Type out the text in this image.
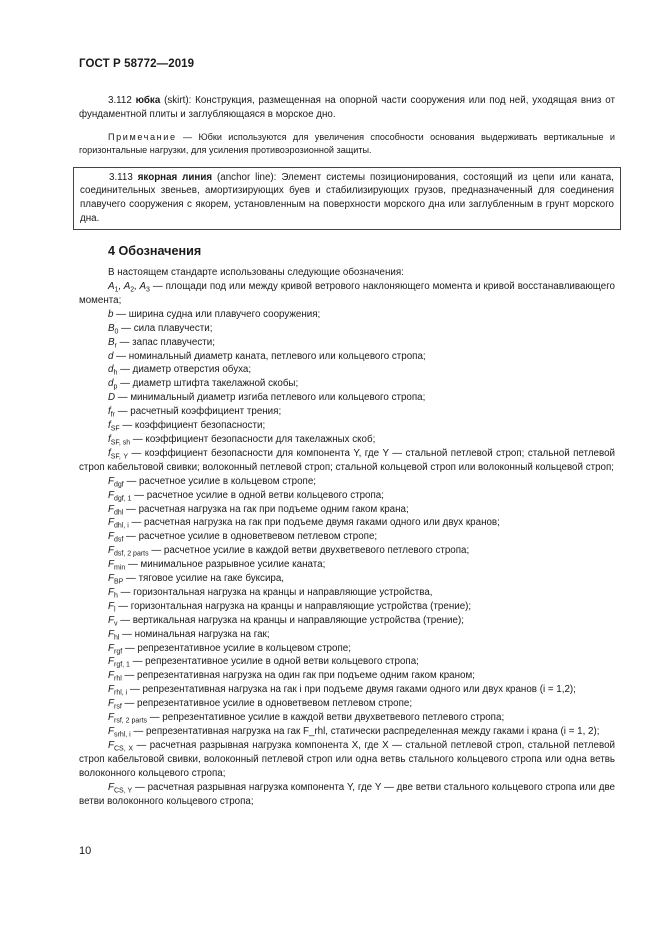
ГОСТ Р 58772—2019

3.112 юбка (skirt): Конструкция, размещенная на опорной части сооружения или под ней, уходящая вниз от фундаментной плиты и заглубляющаяся в морское дно.

Примечание — Юбки используются для увеличения способности основания выдерживать вертикальные и горизонтальные нагрузки, для усиления противоэрозионной защиты.

3.113 якорная линия (anchor line): Элемент системы позиционирования, состоящий из цепи или каната, соединительных звеньев, амортизирующих буев и стабилизирующих грузов, предназначенный для соединения плавучего сооружения с якорем, установленным на поверхности морского дна или заглубленным в грунт морского дна.

4 Обозначения

В настоящем стандарте использованы следующие обозначения:

$A_1$, $A_2$, $A_3$ — площади под или между кривой ветрового наклоняющего момента и кривой восстанавливающего момента;
b — ширина судна или плавучего сооружения;
$B_0$ — сила плавучести;
$B_r$ — запас плавучести;
d — номинальный диаметр каната, петлевого или кольцевого стропа;
$d_h$ — диаметр отверстия обуха;
$d_p$ — диаметр штифта такелажной скобы;
D — минимальный диаметр изгиба петлевого или кольцевого стропа;
$f_{fr}$ — расчетный коэффициент трения;
$f_{SF}$ — коэффициент безопасности;
$f_{SF, sh}$ — коэффициент безопасности для такелажных скоб;
$f_{SF, Y}$ — коэффициент безопасности для компонента Y, где Y — стальной петлевой строп; стальной петлевой строп кабельтовой свивки; волоконный петлевой строп; стальной кольцевой строп или волоконный кольцевой строп;
$F_{dgf}$ — расчетное усилие в кольцевом стропе;
$F_{dgf, 1}$ — расчетное усилие в одной ветви кольцевого стропа;
$F_{dhl}$ — расчетная нагрузка на гак при подъеме одним гаком крана;
$F_{dhl, i}$ — расчетная нагрузка на гак при подъеме двумя гаками одного или двух кранов;
$F_{dsf}$ — расчетное усилие в одноветвевом петлевом стропе;
$F_{dsf, 2 parts}$ — расчетное усилие в каждой ветви двухветвевого петлевого стропа;
$F_{min}$ — минимальное разрывное усилие каната;
$F_{BP}$ — тяговое усилие на гаке буксира,
$F_h$ — горизонтальная нагрузка на кранцы и направляющие устройства,
$F_l$ — горизонтальная нагрузка на кранцы и направляющие устройства (трение);
$F_v$ — вертикальная нагрузка на кранцы и направляющие устройства (трение);
$F_{hl}$ — номинальная нагрузка на гак;
$F_{rgf}$ — репрезентативное усилие в кольцевом стропе;
$F_{rgf, 1}$ — репрезентативное усилие в одной ветви кольцевого стропа;
$F_{rhl}$ — репрезентативная нагрузка на один гак при подъеме одним гаком краном;
$F_{rhl, i}$ — репрезентативная нагрузка на гак i при подъеме двумя гаками одного или двух кранов (i = 1,2);
$F_{rsf}$ — репрезентативное усилие в одноветвевом петлевом стропе;
$F_{rsf, 2 parts}$ — репрезентативное усилие в каждой ветви двухветвевого петлевого стропа;
$F_{srhl, i}$ — репрезентативная нагрузка на гак F_rhl, статически распределенная между гаками i крана (i = 1, 2);
$F_{CS, X}$ — расчетная разрывная нагрузка компонента X, где X — стальной петлевой строп, стальной петлевой строп кабельтовой свивки, волоконный петлевой строп или одна ветвь стального кольцевого стропа или одна ветвь волоконного кольцевого стропа;
$F_{CS, Y}$ — расчетная разрывная нагрузка компонента Y, где Y — две ветви стального кольцевого стропа или две ветви волоконного кольцевого стропа;
10
